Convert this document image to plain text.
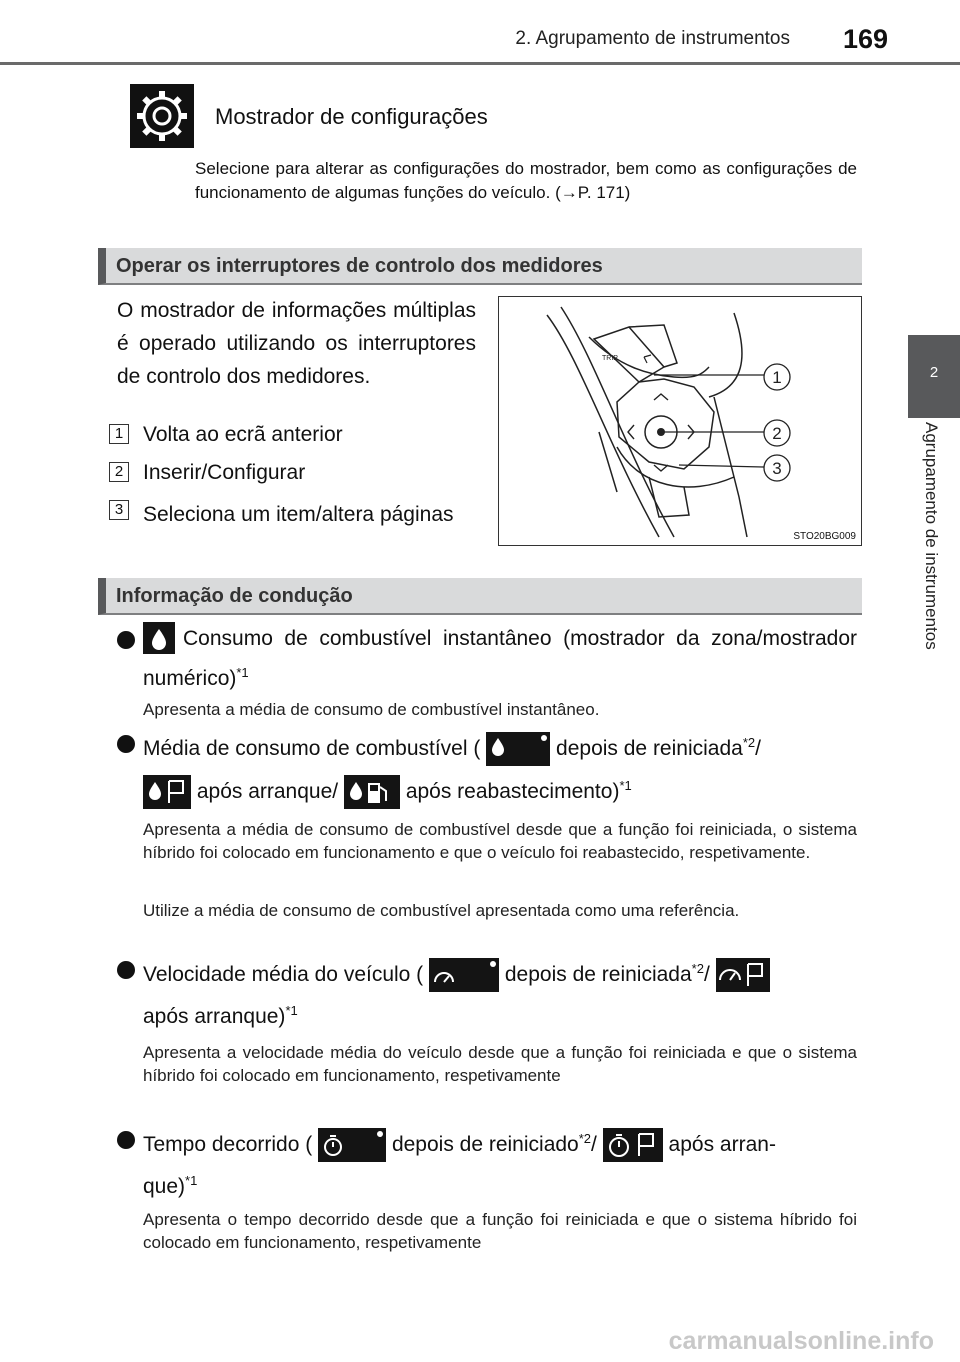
2. Agrupamento de instrumentos 169
2
Agrupamento de instrumentos
Mostrador de configurações
Selecione para alterar as configurações do mostrador, bem como as configurações de funcionamento de algumas funções do veículo. (→P. 171)
Operar os interruptores de controlo dos medidores
O mostrador de informações múltiplas é operado utilizando os interruptores de controlo dos medidores.
1 Volta ao ecrã anterior
2 Inserir/Configurar
3 Seleciona um item/altera páginas
TRIP
1
2
3
STO20BG009
Informação de condução
Consumo de combustível instantâneo (mostrador da zona/mostrador numérico)$^{*1}$
Apresenta a média de consumo de combustível instantâneo.
Média de consumo de combustível (	depois de reiniciada$^{*2}$/
após arranque/	após reabastecimento)$^{*1}$
Apresenta a média de consumo de combustível desde que a função foi reiniciada, o sistema híbrido foi colocado em funcionamento e que o veículo foi reabastecido, respetivamente.
Utilize a média de consumo de combustível apresentada como uma referência.
Velocidade média do veículo (	depois de reiniciada$^{*2}$/
após arranque)$^{*1}$
Apresenta a velocidade média do veículo desde que a função foi reiniciada e que o sistema híbrido foi colocado em funcionamento, respetivamente
Tempo decorrido (	depois de reiniciado$^{*2}$/	após arran-
que)$^{*1}$
Apresenta o tempo decorrido desde que a função foi reiniciada e que o sistema híbrido foi colocado em funcionamento, respetivamente
carmanualsonline.info
